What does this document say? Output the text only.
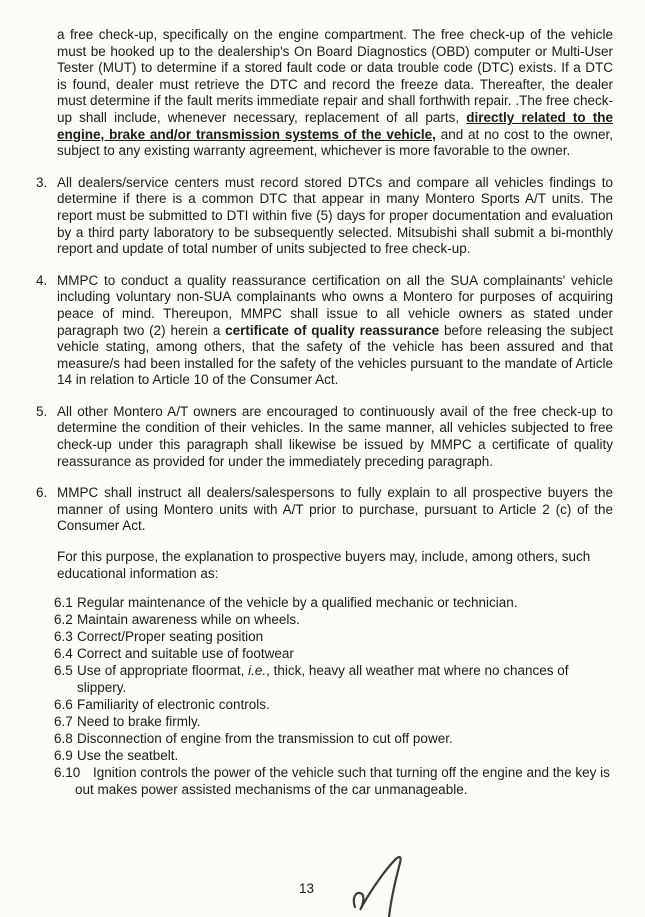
a free check-up, specifically on the engine compartment. The free check-up of the vehicle must be hooked up to the dealership's On Board Diagnostics (OBD) computer or Multi-User Tester (MUT) to determine if a stored fault code or data trouble code (DTC) exists. If a DTC is found, dealer must retrieve the DTC and record the freeze data. Thereafter, the dealer must determine if the fault merits immediate repair and shall forthwith repair. .The free check-up shall include, whenever necessary, replacement of all parts, directly related to the engine, brake and/or transmission systems of the vehicle, and at no cost to the owner, subject to any existing warranty agreement, whichever is more favorable to the owner.

3. All dealers/service centers must record stored DTCs and compare all vehicles findings to determine if there is a common DTC that appear in many Montero Sports A/T units. The report must be submitted to DTI within five (5) days for proper documentation and evaluation by a third party laboratory to be subsequently selected. Mitsubishi shall submit a bi-monthly report and update of total number of units subjected to free check-up.

4. MMPC to conduct a quality reassurance certification on all the SUA complainants' vehicle including voluntary non-SUA complainants who owns a Montero for purposes of acquiring peace of mind. Thereupon, MMPC shall issue to all vehicle owners as stated under paragraph two (2) herein a certificate of quality reassurance before releasing the subject vehicle stating, among others, that the safety of the vehicle has been assured and that measure/s had been installed for the safety of the vehicles pursuant to the mandate of Article 14 in relation to Article 10 of the Consumer Act.

5. All other Montero A/T owners are encouraged to continuously avail of the free check-up to determine the condition of their vehicles. In the same manner, all vehicles subjected to free check-up under this paragraph shall likewise be issued by MMPC a certificate of quality reassurance as provided for under the immediately preceding paragraph.

6. MMPC shall instruct all dealers/salespersons to fully explain to all prospective buyers the manner of using Montero units with A/T prior to purchase, pursuant to Article 2 (c) of the Consumer Act.

For this purpose, the explanation to prospective buyers may, include, among others, such educational information as:

6.1 Regular maintenance of the vehicle by a qualified mechanic or technician.
6.2 Maintain awareness while on wheels.
6.3 Correct/Proper seating position
6.4 Correct and suitable use of footwear
6.5 Use of appropriate floormat, i.e., thick, heavy all weather mat where no chances of slippery.
6.6 Familiarity of electronic controls.
6.7 Need to brake firmly.
6.8 Disconnection of engine from the transmission to cut off power.
6.9 Use the seatbelt.
6.10 Ignition controls the power of the vehicle such that turning off the engine and the key is out makes power assisted mechanisms of the car unmanageable.
13
